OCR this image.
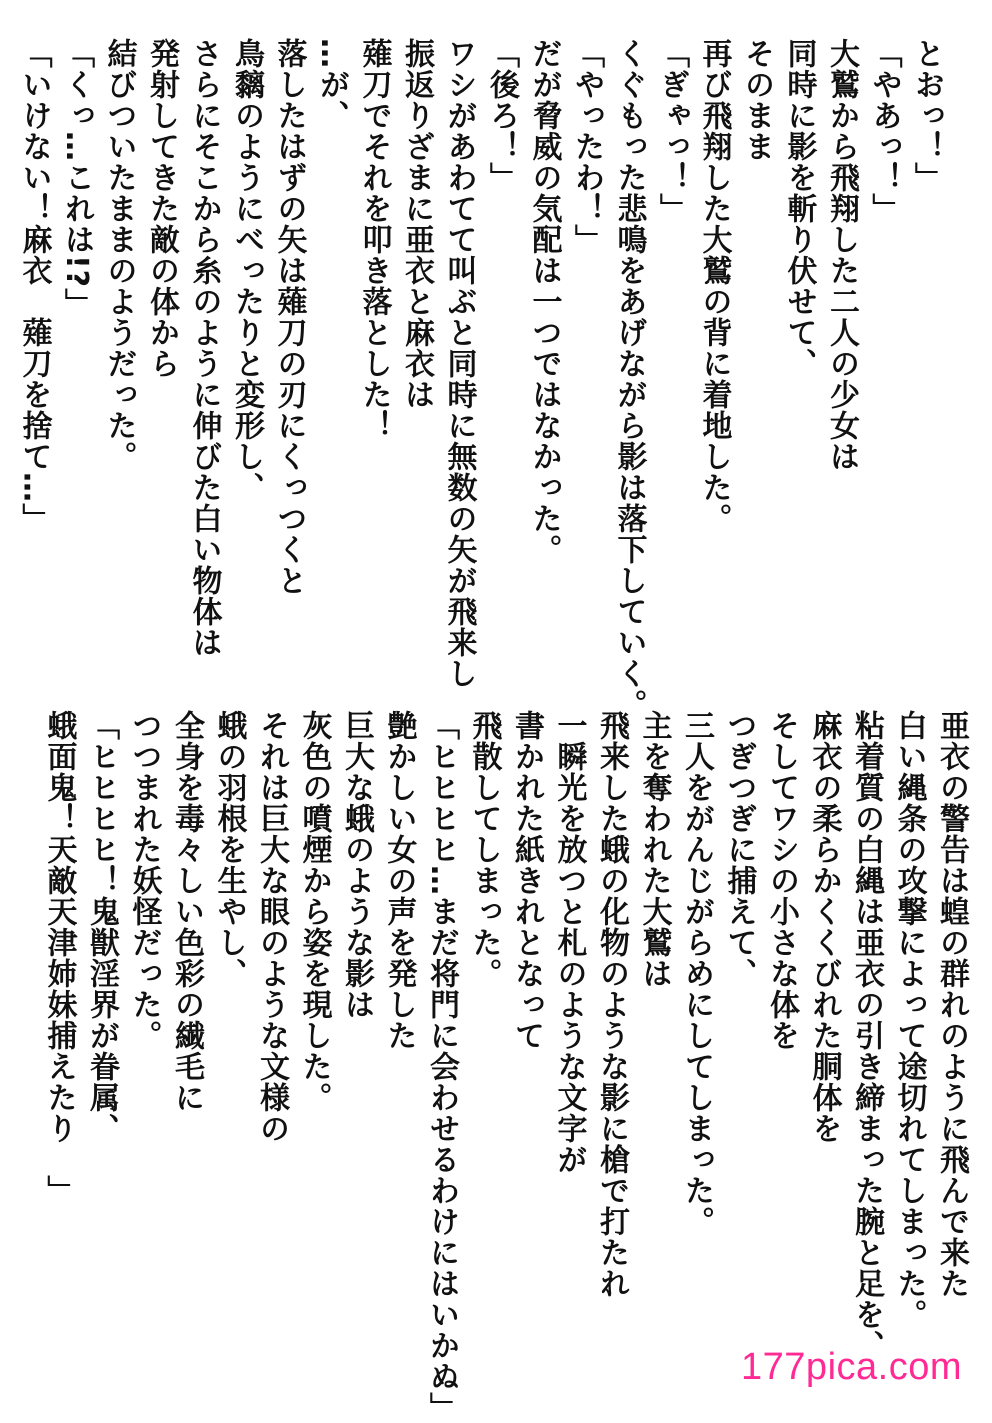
とおっ！」
「やあっ！」
大鷲から飛翔した二人の少女は
同時に影を斬り伏せて、
そのまま
再び飛翔した大鷲の背に着地した。
「ぎゃっ！」
くぐもった悲鳴をあげながら影は落下していく。
「やったわ！」
だが脅威の気配は一つではなかった。
「後ろ！」
ワシがあわてて叫ぶと同時に無数の矢が飛来し
振返りざまに亜衣と麻衣は
薙刀でそれを叩き落とした！
…が、
落したはずの矢は薙刀の刃にくっつくと
鳥黐のようにべったりと変形し、
さらにそこから糸のように伸びた白い物体は
発射してきた敵の体から
結びついたままのようだった。
「くっ…これは!?」
「いけない！麻衣　薙刀を捨て…」
亜衣の警告は蝗の群れのように飛んで来た
白い縄条の攻撃によって途切れてしまった。
粘着質の白縄は亜衣の引き締まった腕と足を、
麻衣の柔らかくくびれた胴体を
そしてワシの小さな体を
つぎつぎに捕えて、
三人をがんじがらめにしてしまった。
主を奪われた大鷲は
飛来した蛾の化物のような影に槍で打たれ
一瞬光を放つと札のような文字が
書かれた紙きれとなって
飛散してしまった。
「ヒヒヒヒ…まだ将門に会わせるわけにはいかぬ」
艶かしい女の声を発した
巨大な蛾のような影は
灰色の噴煙から姿を現した。
それは巨大な眼のような文様の
蛾の羽根を生やし、
全身を毒々しい色彩の繊毛に
つつまれた妖怪だった。
「ヒヒヒヒ！鬼獣淫界が眷属、
蛾面鬼！天敵天津姉妹捕えたり　」
177pica.com
